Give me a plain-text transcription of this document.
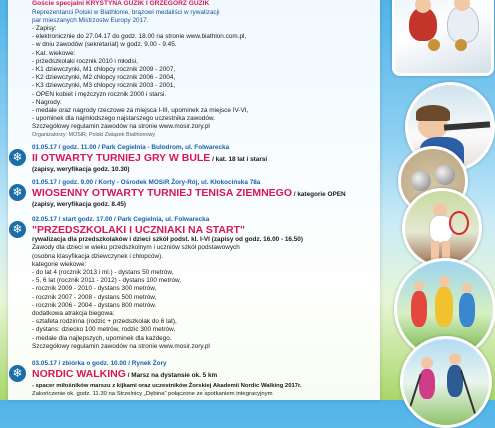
Goście specjalni KRYSTYNA GUZIK I GRZEGORZ GUZIK
Reprezentanci Polski w Biathlonie, brązowi medaliści w rywalizacji
par mieszanych Mistrzostw Europy 2017.
- Zapisy:
- elektronicznie do 27.04.17 do godz. 18.00 na stronie www.biathlon.com.pl,
- w dniu zawodów (sekretariat) w godz. 9.00 - 9.45.
- Kat. wiekowe:
- przedszkolaki rocznik 2010 i młodsi,
- K1 dziewczynki, M1 chłopcy rocznik 2009 - 2007,
- K2 dziewczynki, M2 chłopcy rocznik 2006 - 2004,
- K3 dziewczynki, M3 chłopcy rocznik 2003 - 2001,
- OPEN kobiet i mężczyzn rocznik 2000 i starsi.
- Nagrody:
- medale oraz nagrody rzeczowe za miejsca I-III, upominek za miejsce IV-VI,
- upominek dla najmłodszego najstarszego uczestnika zawodów.
Szczegółowy regulamin zawodów na stronie www.mosir.zory.pl
Organizatorzy: MOSiR, Polski Związek Biathlonowy
❄
01.05.17 / godz. 11.00 / Park Cegielnia - Bulodrom, ul. Folwarecka
II OTWARTY TURNIEJ GRY W BULE / kat. 18 lat i starsi
(zapisy, weryfikacja godz. 10.30)
❄
01.05.17 / godz. 9.00 / Korty - Ośrodek MOSiR Żory-Rój, ul. Kłokocińska 78a
WIOSENNY OTWARTY TURNIEJ TENISA ZIEMNEGO / kategorie OPEN
(zapisy, weryfikacja godz. 8.45)
❄
02.05.17 / start godz. 17.00 / Park Cegielnia, ul. Folwarecka
"PRZEDSZKOLAKI I UCZNIAKI NA START"
rywalizacja dla przedszkolaków i dzieci szkół podst. kl. I-VI (zapisy od godz. 16.00 - 16.50)
Zawody dla dzieci w wieku przedszkolnym i uczniów szkół podstawowych
(osobna klasyfikacja dziewczynek i chłopców).
kategorie wiekowe:
- do lat 4 (rocznik 2013 i ml.) - dystans 50 metrów,
- 5, 6 lat (rocznik 2011 - 2012) - dystans 100 metrów,
- rocznik 2009 - 2010 - dystans 300 metrów,
- rocznik 2007 - 2008 - dystans 500 metrów,
- rocznik 2006 - 2004 - dystans 800 metrów.
dodatkowa atrakcja biegowa:
- sztafeta rodzinna (rodzic + przedszkolak do 6 lat),
- dystans: dziecko 100 metrów, rodzic 300 metrów,
- medale dla najlepszych, upominek dla każdego.
Szczegółowy regulamin zawodów na stronie www.mosir.zory.pl
❄
03.05.17 / zbiórka o godz. 10.00 / Rynek Żory
NORDIC WALKING / Marsz na dystansie ok. 5 km
- spacer miłośników marszu z kijkami oraz uczestników Żorskiej Akademii Nordic Walking 2017r.
Zakończenie ok. godz. 11.30 na Strzelnicy „Dębina” połączone ze spotkaniem integracyjnym
